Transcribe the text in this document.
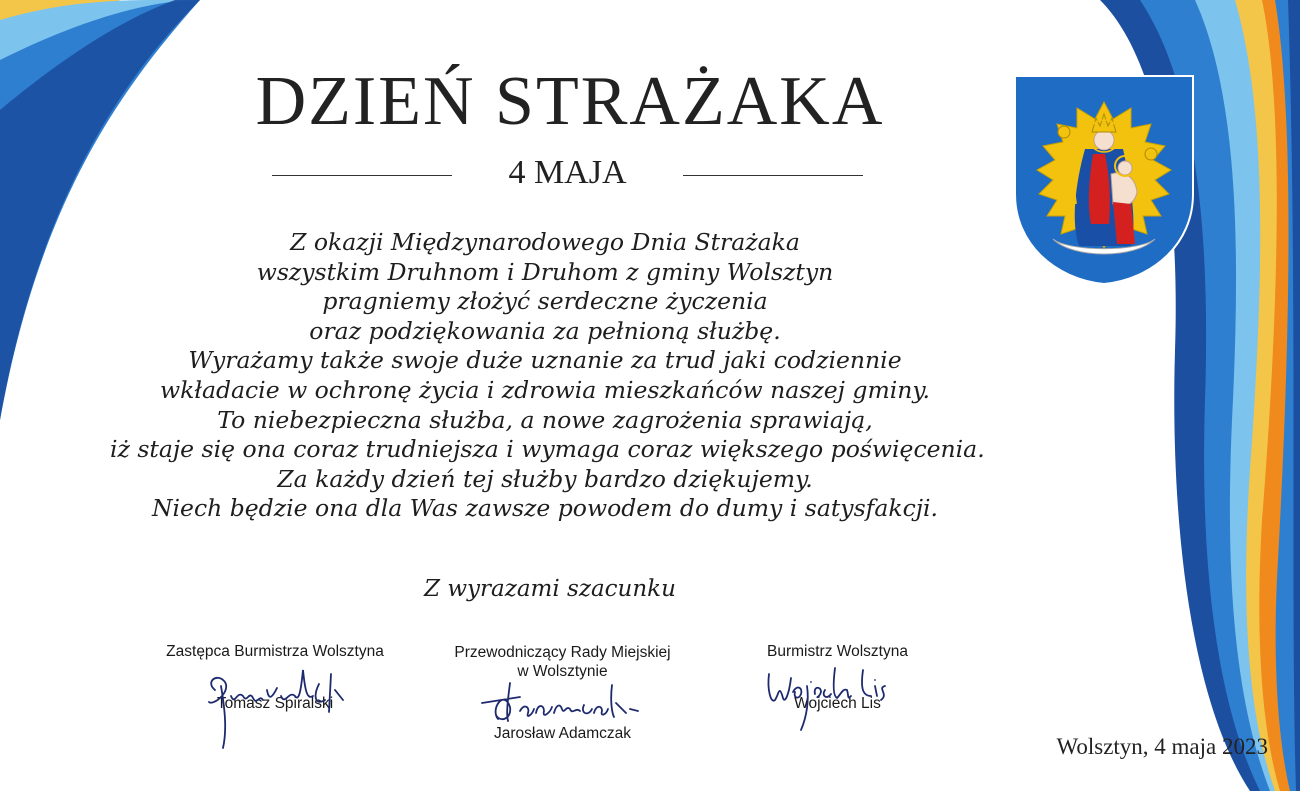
DZIEŃ STRAŻAKA
4 MAJA
Z okazji Międzynarodowego Dnia Strażaka
wszystkim Druhnom i Druhom z gminy Wolsztyn
pragniemy złożyć serdeczne życzenia
oraz podziękowania za pełnioną służbę.
Wyrażamy także swoje duże uznanie za trud jaki codziennie
wkładacie w ochronę życia i zdrowia mieszkańców naszej gminy.
To niebezpieczna służba, a nowe zagrożenia sprawiają,
iż staje się ona coraz trudniejsza i wymaga coraz większego poświęcenia.
Za każdy dzień tej służby bardzo dziękujemy.
Niech będzie ona dla Was zawsze powodem do dumy i satysfakcji.
Z wyrazami szacunku
Zastępca Burmistrza Wolsztyna
Tomasz Spiralski
Przewodniczący Rady Miejskiej
w Wolsztynie
Jarosław Adamczak
Burmistrz Wolsztyna
Wojciech Lis
Wolsztyn, 4 maja 2023
